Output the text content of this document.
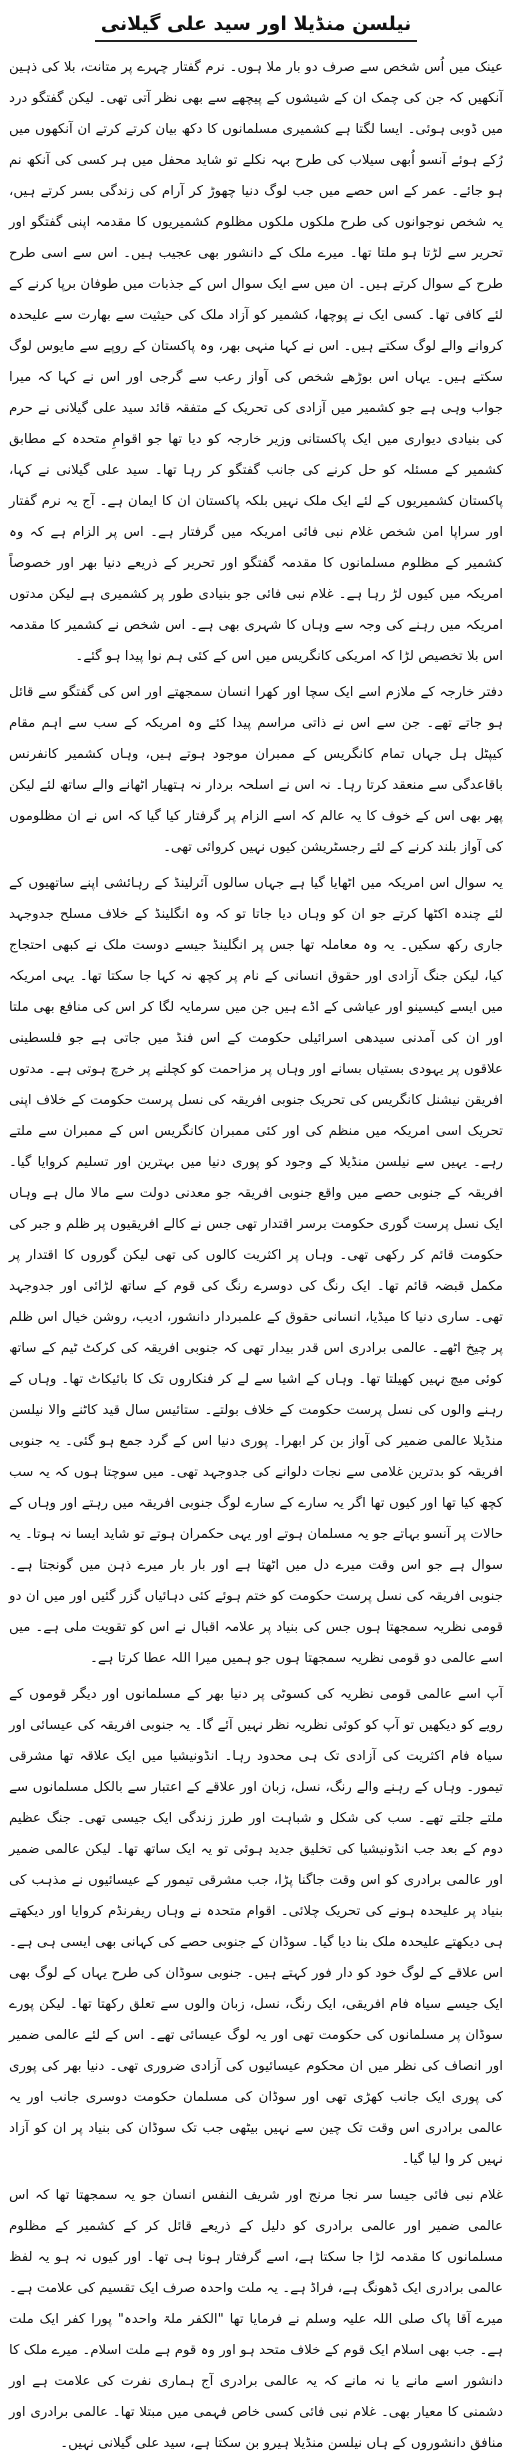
نیلسن منڈیلا اور سید علی گیلانی

عینک میں اُس شخص سے صرف دو بار ملا ہوں۔ نرم گفتار چہرے پر متانت، بلا کی ذہین آنکھیں کہ جن کی چمک ان کے شیشوں کے پیچھے سے بھی نظر آتی تھی۔ لیکن گفتگو درد میں ڈوبی ہوئی۔ ایسا لگتا ہے کشمیری مسلمانوں کا دکھ بیان کرتے کرتے ان آنکھوں میں رُکے ہوئے آنسو اُبھی سیلاب کی طرح بہہ نکلے تو شاید محفل میں ہر کسی کی آنکھ نم ہو جائے۔ عمر کے اس حصے میں جب لوگ دنیا چھوڑ کر آرام کی زندگی بسر کرتے ہیں، یہ شخص نوجوانوں کی طرح ملکوں ملکوں مظلوم کشمیریوں کا مقدمہ اپنی گفتگو اور تحریر سے لڑتا ہو ملتا تھا۔ میرے ملک کے دانشور بھی عجیب ہیں۔ اس سے اسی طرح طرح کے سوال کرتے ہیں۔ ان میں سے ایک سوال اس کے جذبات میں طوفان برپا کرنے کے لئے کافی تھا۔ کسی ایک نے پوچھا، کشمیر کو آزاد ملک کی حیثیت سے بھارت سے علیحدہ کروانے والے لوگ سکتے ہیں۔ اس نے کہا منہی بھر، وہ پاکستان کے روپے سے مایوس لوگ سکتے ہیں۔ یہاں اس بوڑھے شخص کی آواز رعب سے گرجی اور اس نے کہا کہ میرا جواب وہی ہے جو کشمیر میں آزادی کی تحریک کے متفقہ قائد سید علی گیلانی نے حرم کی بنیادی دیواری میں ایک پاکستانی وزیر خارجہ کو دیا تھا جو اقوامِ متحدہ کے مطابق کشمیر کے مسئلہ کو حل کرنے کی جانب گفتگو کر رہا تھا۔ سید علی گیلانی نے کہا، پاکستان کشمیریوں کے لئے ایک ملک نہیں بلکہ پاکستان ان کا ایمان ہے۔ آج یہ نرم گفتار اور سراپا امن شخص غلام نبی فائی امریکہ میں گرفتار ہے۔ اس پر الزام ہے کہ وہ کشمیر کے مظلوم مسلمانوں کا مقدمہ گفتگو اور تحریر کے ذریعے دنیا بھر اور خصوصاً امریکہ میں کیوں لڑ رہا ہے۔ غلام نبی فائی جو بنیادی طور پر کشمیری ہے لیکن مدتوں امریکہ میں رہنے کی وجہ سے وہاں کا شہری بھی ہے۔ اس شخص نے کشمیر کا مقدمہ اس بلا تخصیص لڑا کہ امریکی کانگریس میں اس کے کئی ہم نوا پیدا ہو گئے۔

دفتر خارجہ کے ملازم اسے ایک سچا اور کھرا انسان سمجھتے اور اس کی گفتگو سے قائل ہو جاتے تھے۔ جن سے اس نے ذاتی مراسم پیدا کئے وہ امریکہ کے سب سے اہم مقام کیپٹل ہل جہاں تمام کانگریس کے ممبران موجود ہوتے ہیں، وہاں کشمیر کانفرنس باقاعدگی سے منعقد کرتا رہا۔ نہ اس نے اسلحہ بردار نہ ہتھیار اٹھانے والے ساتھ لئے لیکن پھر بھی اس کے خوف کا یہ عالم کہ اسے الزام پر گرفتار کیا گیا کہ اس نے ان مظلوموں کی آواز بلند کرنے کے لئے رجسٹریشن کیوں نہیں کروائی تھی۔

یہ سوال اس امریکہ میں اٹھایا گیا ہے جہاں سالوں آئرلینڈ کے رہائشی اپنے ساتھیوں کے لئے چندہ اکٹھا کرتے جو ان کو وہاں دیا جاتا تو کہ وہ انگلینڈ کے خلاف مسلح جدوجہد جاری رکھ سکیں۔ یہ وہ معاملہ تھا جس پر انگلینڈ جیسے دوست ملک نے کبھی احتجاج کیا، لیکن جنگ آزادی اور حقوق انسانی کے نام پر کچھ نہ کہا جا سکتا تھا۔ یہی امریکہ میں ایسے کیسینو اور عیاشی کے اڈے ہیں جن میں سرمایہ لگا کر اس کی منافع بھی ملتا اور ان کی آمدنی سیدھی اسرائیلی حکومت کے اس فنڈ میں جاتی ہے جو فلسطینی علاقوں پر یہودی بستیاں بسانے اور وہاں پر مزاحمت کو کچلنے پر خرچ ہوتی ہے۔ مدتوں افریقن نیشنل کانگریس کی تحریک جنوبی افریقہ کی نسل پرست حکومت کے خلاف اپنی تحریک اسی امریکہ میں منظم کی اور کئی ممبران کانگریس اس کے ممبران سے ملتے رہے۔ یہیں سے نیلسن منڈیلا کے وجود کو پوری دنیا میں بہترین اور تسلیم کروایا گیا۔ افریقہ کے جنوبی حصے میں واقع جنوبی افریقہ جو معدنی دولت سے مالا مال ہے وہاں ایک نسل پرست گوری حکومت برسر اقتدار تھی جس نے کالے افریقیوں پر ظلم و جبر کی حکومت قائم کر رکھی تھی۔ وہاں پر اکثریت کالوں کی تھی لیکن گوروں کا اقتدار پر مکمل قبضہ قائم تھا۔ ایک رنگ کی دوسرے رنگ کی قوم کے ساتھ لڑائی اور جدوجہد تھی۔ ساری دنیا کا میڈیا، انسانی حقوق کے علمبردار دانشور، ادیب، روشن خیال اس ظلم پر چیخ اٹھے۔ عالمی برادری اس قدر بیدار تھی کہ جنوبی افریقہ کی کرکٹ ٹیم کے ساتھ کوئی میچ نہیں کھیلتا تھا۔ وہاں کے اشیا سے لے کر فنکاروں تک کا بائیکاٹ تھا۔ وہاں کے رہنے والوں کی نسل پرست حکومت کے خلاف بولتے۔ ستائیس سال قید کاٹنے والا نیلسن منڈیلا عالمی ضمیر کی آواز بن کر ابھرا۔ پوری دنیا اس کے گرد جمع ہو گئی۔ یہ جنوبی افریقہ کو بدترین غلامی سے نجات دلوانے کی جدوجہد تھی۔ میں سوچتا ہوں کہ یہ سب کچھ کیا تھا اور کیوں تھا اگر یہ سارے کے سارے لوگ جنوبی افریقہ میں رہتے اور وہاں کے حالات پر آنسو بہاتے جو یہ مسلمان ہوتے اور یہی حکمران ہوتے تو شاید ایسا نہ ہوتا۔ یہ سوال ہے جو اس وقت میرے دل میں اٹھتا ہے اور بار بار میرے ذہن میں گونجتا ہے۔ جنوبی افریقہ کی نسل پرست حکومت کو ختم ہوئے کئی دہائیاں گزر گئیں اور میں ان دو قومی نظریہ سمجھتا ہوں جس کی بنیاد پر علامہ اقبال نے اس کو تقویت ملی ہے۔ میں اسے عالمی دو قومی نظریہ سمجھتا ہوں جو ہمیں میرا اللہ عطا کرتا ہے۔

آپ اسے عالمی قومی نظریہ کی کسوٹی پر دنیا بھر کے مسلمانوں اور دیگر قوموں کے رویے کو دیکھیں تو آپ کو کوئی نظریہ نظر نہیں آئے گا۔ یہ جنوبی افریقہ کی عیسائی اور سیاہ فام اکثریت کی آزادی تک ہی محدود رہا۔ انڈونیشیا میں ایک علاقہ تھا مشرقی تیمور۔ وہاں کے رہنے والے رنگ، نسل، زبان اور علاقے کے اعتبار سے بالکل مسلمانوں سے ملتے جلتے تھے۔ سب کی شکل و شباہت اور طرز زندگی ایک جیسی تھی۔ جنگ عظیم دوم کے بعد جب انڈونیشیا کی تخلیق جدید ہوئی تو یہ ایک ساتھ تھا۔ لیکن عالمی ضمیر اور عالمی برادری کو اس وقت جاگنا پڑا، جب مشرقی تیمور کے عیسائیوں نے مذہب کی بنیاد پر علیحدہ ہونے کی تحریک چلائی۔ اقوام متحدہ نے وہاں ریفرنڈم کروایا اور دیکھتے ہی دیکھتے علیحدہ ملک بنا دیا گیا۔ سوڈان کے جنوبی حصے کی کہانی بھی ایسی ہی ہے۔ اس علاقے کے لوگ خود کو دار فور کہتے ہیں۔ جنوبی سوڈان کی طرح یہاں کے لوگ بھی ایک جیسے سیاہ فام افریقی، ایک رنگ، نسل، زبان والوں سے تعلق رکھتا تھا۔ لیکن پورے سوڈان پر مسلمانوں کی حکومت تھی اور یہ لوگ عیسائی تھے۔ اس کے لئے عالمی ضمیر اور انصاف کی نظر میں ان محکوم عیسائیوں کی آزادی ضروری تھی۔ دنیا بھر کی پوری کی پوری ایک جانب کھڑی تھی اور سوڈان کی مسلمان حکومت دوسری جانب اور یہ عالمی برادری اس وقت تک چین سے نہیں بیٹھی جب تک سوڈان کی بنیاد پر ان کو آزاد نہیں کر وا لیا گیا۔

غلام نبی فائی جیسا سر نجا مرنج اور شریف النفس انسان جو یہ سمجھتا تھا کہ اس عالمی ضمیر اور عالمی برادری کو دلیل کے ذریعے قائل کر کے کشمیر کے مظلوم مسلمانوں کا مقدمہ لڑا جا سکتا ہے، اسے گرفتار ہونا ہی تھا۔ اور کیوں نہ ہو یہ لفظ عالمی برادری ایک ڈھونگ ہے، فراڈ ہے۔ یہ ملت واحدہ صرف ایک تقسیم کی علامت ہے۔ میرے آقا پاک صلی اللہ علیہ وسلم نے فرمایا تھا "الکفر ملۃ واحدہ" پورا کفر ایک ملت ہے۔ جب بھی اسلام ایک قوم کے خلاف متحد ہو اور وہ قوم ہے ملت اسلام۔ میرے ملک کا دانشور اسے مانے یا نہ مانے کہ یہ عالمی برادری آج ہماری نفرت کی علامت ہے اور دشمنی کا معیار بھی۔ غلام نبی فائی کسی خاص فہمی میں مبتلا تھا۔ عالمی برادری اور منافق دانشوروں کے ہاں نیلسن منڈیلا ہیرو بن سکتا ہے، سید علی گیلانی نہیں۔
